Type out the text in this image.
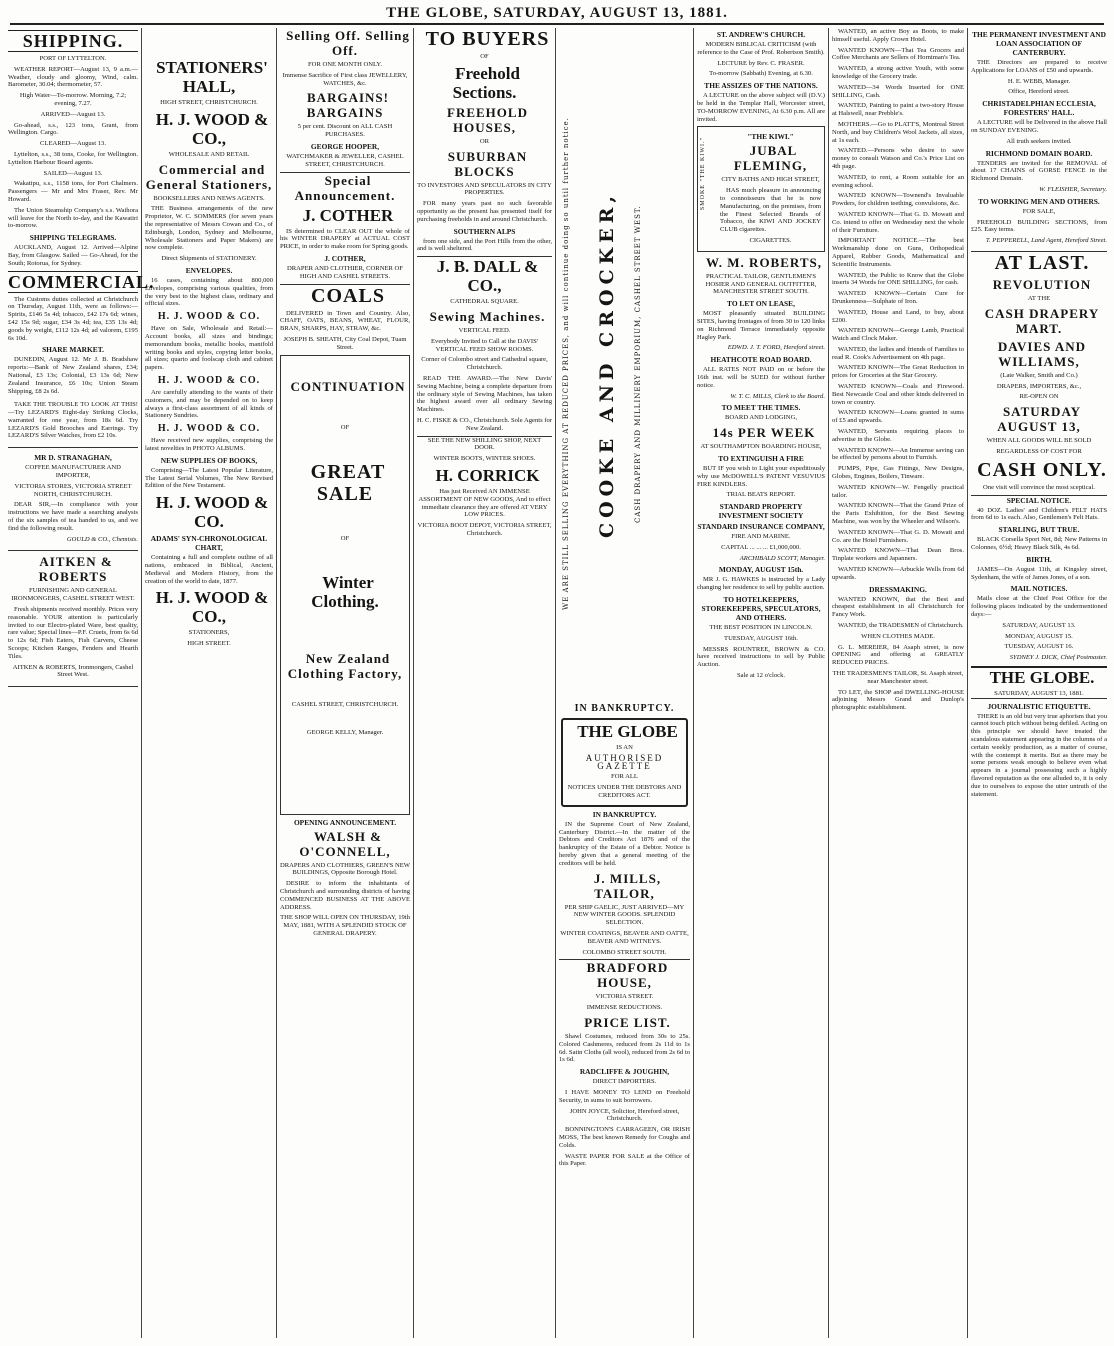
THE GLOBE, SATURDAY, AUGUST 13, 1881.
SHIPPING.

PORT OF LYTTELTON.

WEATHER REPORT—August 13, 9 a.m.—Weather, cloudy and gloomy, Wind, calm. Barometer, 30.04; thermometer, 57.

High Water—To-morrow. Morning, 7.2; evening, 7.27.

ARRIVED—August 13.

Go-ahead, s.s., 123 tons, Grant, from Wellington. Cargo.

CLEARED—August 13.

Lyttelton, s.s., 38 tons, Cooke, for Wellington. Lyttelton Harbour Board agents.

SAILED—August 13.

Wakatipu, s.s., 1158 tons, for Port Chalmers. Passengers — Mr and Mrs Fraser, Rev. Mr Howard.

The Union Steamship Company's s.s. Waihora will leave for the North to-day, and the Kawatiri to-morrow.

SHIPPING TELEGRAMS.

AUCKLAND, August 12. Arrived—Alpine Bay, from Glasgow. Sailed — Go-Ahead, for the South; Rotorua, for Sydney.

COMMERCIAL.

The Customs duties collected at Christchurch on Thursday, August 11th, were as follows:—Spirits, £146 5s 4d; tobacco, £42 17s 6d; wines, £42 15s 9d; sugar, £34 3s 4d; tea, £35 13s 4d; goods by weight, £112 12s 4d; ad valorem, £195 6s 10d.

SHARE MARKET.

DUNEDIN, August 12. Mr J. B. Bradshaw reports:—Bank of New Zealand shares, £34; National, £3 13s; Colonial, £3 13s 6d; New Zealand Insurance, £6 10s; Union Steam Shipping, £8 2s 6d.

TAKE THE TROUBLE TO LOOK AT THIS!—Try LEZARD'S Eight-day Striking Clocks, warranted for one year, from 18s 6d. Try LEZARD'S Gold Brooches and Earrings. Try LEZARD'S Silver Watches, from £2 10s.

MR D. STRANAGHAN,

COFFEE MANUFACTURER AND IMPORTER,

VICTORIA STORES, VICTORIA STREET NORTH, CHRISTCHURCH.

DEAR SIR,—In compliance with your instructions we have made a searching analysis of the six samples of tea handed to us, and we find the following result.

GOULD & CO., Chemists.

AITKEN & ROBERTS

FURNISHING AND GENERAL IRONMONGERS, CASHEL STREET WEST.

Fresh shipments received monthly. Prices very reasonable. YOUR attention is particularly invited to our Electro-plated Ware, best quality, rare value; Special lines—P.F. Cruets, from 6s 6d to 12s 6d; Fish Eaters, Fish Carvers, Cheese Scoops; Kitchen Ranges, Fenders and Hearth Tiles.

AITKEN & ROBERTS, Ironmongers, Cashel Street West.

STATIONERS' HALL,

HIGH STREET, CHRISTCHURCH.

H. J. WOOD & CO.,

WHOLESALE AND RETAIL

Commercial and General Stationers,

BOOKSELLERS AND NEWS AGENTS.

THE Business arrangements of the new Proprietor, W. C. SOMMERS (for seven years the representative of Messrs Cowan and Co., of Edinburgh, London, Sydney and Melbourne, Wholesale Stationers and Paper Makers) are now complete.

Direct Shipments of STATIONERY.

ENVELOPES.

16 cases, containing about 800,000 Envelopes, comprising various qualities, from the very best to the highest class, ordinary and official sizes.

H. J. WOOD & CO.

Have on Sale, Wholesale and Retail:—Account books, all sizes and bindings; memorandum books, metallic books, manifold writing books and styles, copying letter books, all sizes; quarto and foolscap cloth and cabinet papers.

H. J. WOOD & CO.

Are carefully attending to the wants of their customers, and may be depended on to keep always a first-class assortment of all kinds of Stationery Sundries.

H. J. WOOD & CO.

Have received new supplies, comprising the latest novelties in PHOTO ALBUMS.

NEW SUPPLIES OF BOOKS,

Comprising—The Latest Popular Literature, The Latest Serial Volumes, The New Revised Edition of the New Testament.

H. J. WOOD & CO.

ADAMS' SYN-CHRONOLOGICAL CHART,

Containing a full and complete outline of all nations, embraced in Biblical, Ancient, Medieval and Modern History, from the creation of the world to date, 1877.

H. J. WOOD & CO.,

STATIONERS,

HIGH STREET.

Selling Off. Selling Off.

FOR ONE MONTH ONLY.

Immense Sacrifice of First class JEWELLERY, WATCHES, &c.

BARGAINS! BARGAINS

5 per cent. Discount on ALL CASH PURCHASES.

GEORGE HOOPER,

WATCHMAKER & JEWELLER, CASHEL STREET, CHRISTCHURCH.

Special Announcement.

J. COTHER

IS determined to CLEAR OUT the whole of his WINTER DRAPERY at ACTUAL COST PRICE, in order to make room for Spring goods.

J. COTHER,

DRAPER AND CLOTHIER, CORNER OF HIGH AND CASHEL STREETS.

COALS

DELIVERED in Town and Country. Also, CHAFF, OATS, BEANS, WHEAT, FLOUR, BRAN, SHARPS, HAY, STRAW, &c.

JOSEPH B. SHEATH, City Coal Depot, Tuam Street.

CONTINUATION

OF

GREAT SALE

OF

Winter Clothing.

New Zealand Clothing Factory,

CASHEL STREET, CHRISTCHURCH.

GEORGE KELLY, Manager.

OPENING ANNOUNCEMENT.

WALSH & O'CONNELL,

DRAPERS AND CLOTHIERS, GREEN'S NEW BUILDINGS, Opposite Borough Hotel.

DESIRE to inform the inhabitants of Christchurch and surrounding districts of having COMMENCED BUSINESS AT THE ABOVE ADDRESS.

THE SHOP WILL OPEN ON THURSDAY, 19th MAY, 1881, WITH A SPLENDID STOCK OF GENERAL DRAPERY.

TO BUYERS

OF

Freehold Sections.

FREEHOLD HOUSES,

OR

SUBURBAN BLOCKS

TO INVESTORS AND SPECULATORS IN CITY PROPERTIES.

FOR many years past no such favorable opportunity as the present has presented itself for purchasing freeholds in and around Christchurch.

SOUTHERN ALPS

from one side, and the Port Hills from the other, and is well sheltered.

J. B. DALL & CO.,

CATHEDRAL SQUARE.

Sewing Machines.

VERTICAL FEED.

Everybody Invited to Call at the DAVIS' VERTICAL FEED SHOW ROOMS.

Corner of Colombo street and Cathedral square, Christchurch.

READ THE AWARD.—The New Davis' Sewing Machine, being a complete departure from the ordinary style of Sewing Machines, has taken the highest award over all ordinary Sewing Machines.

H. C. FISKE & CO., Christchurch. Sole Agents for New Zealand.

SEE THE NEW SHILLING SHOP, NEXT DOOR.

WINTER BOOTS, WINTER SHOES.

H. CORRICK

Has just Received AN IMMENSE ASSORTMENT OF NEW GOODS, And to effect immediate clearance they are offered AT VERY LOW PRICES.

VICTORIA BOOT DEPOT, VICTORIA STREET, Christchurch.	WE ARE STILL SELLING EVERYTHING AT REDUCED PRICES, and will continue doing so until further notice.	COOKE AND CROCKER,	CASH DRAPERY AND MILLINERY EMPORIUM, CASHEL STREET WEST.
IN BANKRUPTCY.

THE GLOBE

IS AN

AUTHORISED GAZETTE

FOR ALL

NOTICES UNDER THE DEBTORS AND CREDITORS ACT.

IN BANKRUPTCY.

IN the Supreme Court of New Zealand, Canterbury District.—In the matter of the Debtors and Creditors Act 1876 and of the bankruptcy of the Estate of a Debtor. Notice is hereby given that a general meeting of the creditors will be held.

J. MILLS, TAILOR,

PER SHIP GAELIC, JUST ARRIVED—MY NEW WINTER GOODS. SPLENDID SELECTION.

WINTER COATINGS, BEAVER AND OATTE, BEAVER AND WITNEYS.

COLOMBO STREET SOUTH.

BRADFORD HOUSE,

VICTORIA STREET.

IMMENSE REDUCTIONS.

PRICE LIST.

Shawl Costumes, reduced from 30s to 25s. Colored Cashmeres, reduced from 2s 11d to 1s 6d. Satin Cloths (all wool), reduced from 2s 6d to 1s 6d.

RADCLIFFE & JOUGHIN,

DIRECT IMPORTERS.

I HAVE MONEY TO LEND on Freehold Security, in sums to suit borrowers.

JOHN JOYCE, Solicitor, Hereford street, Christchurch.

BONNINGTON'S CARRAGEEN, OR IRISH MOSS, The best known Remedy for Coughs and Colds.

WASTE PAPER FOR SALE at the Office of this Paper.

ST. ANDREW'S CHURCH.

MODERN BIBLICAL CRITICISM (with reference to the Case of Prof. Robertson Smith).

LECTURE by Rev. C. FRASER.

To-morrow (Sabbath) Evening, at 6.30.

THE ASSIZES OF THE NATIONS.

A LECTURE on the above subject will (D.V.) be held in the Templar Hall, Worcester street, TO-MORROW EVENING, At 6.30 p.m. All are invited.

SMOKE "THE KIWI."
"THE KIWI."

JUBAL FLEMING,

CITY BATHS AND HIGH STREET,

HAS much pleasure in announcing to connoisseurs that he is now Manufacturing, on the premises, from the Finest Selected Brands of Tobacco, the KIWI AND JOCKEY CLUB cigarettes.

CIGARETTES.

W. M. ROBERTS,

PRACTICAL TAILOR, GENTLEMEN'S HOSIER AND GENERAL OUTFITTER, MANCHESTER STREET SOUTH.

TO LET ON LEASE,

MOST pleasantly situated BUILDING SITES, having frontages of from 30 to 120 links on Richmond Terrace immediately opposite Hagley Park.

EDWD. J. T. FORD, Hereford street.

HEATHCOTE ROAD BOARD.

ALL RATES NOT PAID on or before the 16th inst. will be SUED for without further notice.

W. T. C. MILLS, Clerk to the Board.

TO MEET THE TIMES.

BOARD AND LODGING,

14s PER WEEK

AT SOUTHAMPTON BOARDING HOUSE,

TO EXTINGUISH A FIRE

BUT IF you wish to Light your expeditiously why use McDOWELL'S PATENT VESUVIUS FIRE KINDLERS.

TRIAL BEATS REPORT.

STANDARD PROPERTY INVESTMENT SOCIETY
STANDARD INSURANCE COMPANY,

FIRE AND MARINE.

CAPITAL ... ... ... £1,000,000.

ARCHIBALD SCOTT, Manager.

MONDAY, AUGUST 15th.

MR J. G. HAWKES is instructed by a Lady changing her residence to sell by public auction.

TO HOTELKEEPERS, STOREKEEPERS, SPECULATORS, AND OTHERS.

THE BEST POSITION IN LINCOLN.

TUESDAY, AUGUST 16th.

MESSRS ROUNTREE, BROWN & CO. have received instructions to sell by Public Auction.

Sale at 12 o'clock.

WANTED, an active Boy as Boots, to make himself useful. Apply Crown Hotel.

WANTED KNOWN—That Tea Grocers and Coffee Merchants are Sellers of Horniman's Tea.

WANTED, a strong active Youth, with some knowledge of the Grocery trade.

WANTED—34 Words Inserted for ONE SHILLING, Cash.

WANTED, Painting to paint a two-story House at Halswell, near Prebble's.

MOTHERS.—Go to PLATT'S, Montreal Street North, and buy Children's Wool Jackets, all sizes, at 1s each.

WANTED.—Persons who desire to save money to consult Watson and Co.'s Price List on 4th page.

WANTED, to rent, a Room suitable for an evening school.

WANTED KNOWN—Townend's Invaluable Powders, for children teething, convulsions, &c.

WANTED KNOWN—That G. D. Mowatt and Co. intend to offer on Wednesday next the whole of their Furniture.

IMPORTANT NOTICE.—The best Workmanship done on Guns, Orthopedical Apparel, Rubber Goods, Mathematical and Scientific Instruments.

WANTED, the Public to Know that the Globe inserts 34 Words for ONE SHILLING, for cash.

WANTED KNOWN—Certain Cure for Drunkenness—Sulphate of Iron.

WANTED, House and Land, to buy, about £200.

WANTED KNOWN—George Lamb, Practical Watch and Clock Maker.

WANTED, the ladies and friends of Families to read R. Cook's Advertisement on 4th page.

WANTED KNOWN—The Great Reduction in prices for Groceries at the Star Grocery.

WANTED KNOWN—Coals and Firewood. Best Newcastle Coal and other kinds delivered in town or country.

WANTED KNOWN—Loans granted in sums of £5 and upwards.

WANTED, Servants requiring places to advertise in the Globe.

WANTED KNOWN—An Immense saving can be effected by persons about to Furnish.

PUMPS, Pipe, Gas Fittings, New Designs, Globes, Engines, Boilers, Tinware.

WANTED KNOWN—W. Fengelly practical tailor.

WANTED KNOWN—That the Grand Prize of the Paris Exhibition, for the Best Sewing Machine, was won by the Wheeler and Wilson's.

WANTED KNOWN—That G. D. Mowatt and Co. are the Hotel Furnishers.

WANTED KNOWN—That Dean Bros. Tinplate workers and Japanners.

WANTED KNOWN—Arbuckle Wells from 6d upwards.

DRESSMAKING.

WANTED KNOWN, that the Best and cheapest establishment in all Christchurch for Fancy Work.

WANTED, the TRADESMEN of Christchurch.

WHEN CLOTHES MADE.

G. L. MEREIER, 84 Asaph street, is now OPENING and offering at GREATLY REDUCED PRICES.

THE TRADESMEN'S TAILOR, St. Asaph street, near Manchester street.

TO LET, the SHOP and DWELLING-HOUSE adjoining Messrs Grand and Dunlop's photographic establishment.

THE PERMANENT INVESTMENT AND LOAN ASSOCIATION OF CANTERBURY.

THE Directors are prepared to receive Applications for LOANS of £50 and upwards.

H. E. WEBB, Manager.

Office, Hereford street.

CHRISTADELPHIAN ECCLESIA, FORESTERS' HALL.

A LECTURE will be Delivered in the above Hall on SUNDAY EVENING.

All truth seekers invited.

RICHMOND DOMAIN BOARD.

TENDERS are invited for the REMOVAL of about 17 CHAINS of GORSE FENCE in the Richmond Domain.

W. FLEISHER, Secretary.

TO WORKING MEN AND OTHERS.

FOR SALE,

FREEHOLD BUILDING SECTIONS, from £25. Easy terms.

T. PEPPERELL, Land Agent, Hereford Street.

AT LAST.

REVOLUTION

AT THE

CASH DRAPERY MART.

DAVIES AND WILLIAMS,

(Late Walker, Smith and Co.)

DRAPERS, IMPORTERS, &c.,

RE-OPEN ON

SATURDAY AUGUST 13,

WHEN ALL GOODS WILL BE SOLD

REGARDLESS OF COST FOR

CASH ONLY.

One visit will convince the most sceptical.

SPECIAL NOTICE.

40 DOZ. Ladies' and Children's FELT HATS from 6d to 1s each. Also, Gentlemen's Felt Hats.

STARLING, BUT TRUE.

BLACK Corsella Sport Net, 8d; New Patterns in Colonnes, 6½d; Heavy Black Silk, 4s 6d.

BIRTH.

JAMES—On August 11th, at Kingsley street, Sydenham, the wife of James Jones, of a son.

MAIL NOTICES.

Mails close at the Chief Post Office for the following places indicated by the undermentioned days:—

SATURDAY, AUGUST 13.

MONDAY, AUGUST 15.

TUESDAY, AUGUST 16.

SYDNEY J. DICK, Chief Postmaster.

THE GLOBE.

SATURDAY, AUGUST 13, 1881.

JOURNALISTIC ETIQUETTE.

THERE is an old but very true aphorism that you cannot touch pitch without being defiled. Acting on this principle we should have treated the scandalous statement appearing in the columns of a certain weekly production, as a matter of course, with the contempt it merits. But as there may be some persons weak enough to believe even what appears in a journal possessing such a highly flavored reputation as the one alluded to, it is only due to ourselves to expose the utter untruth of the statement.
